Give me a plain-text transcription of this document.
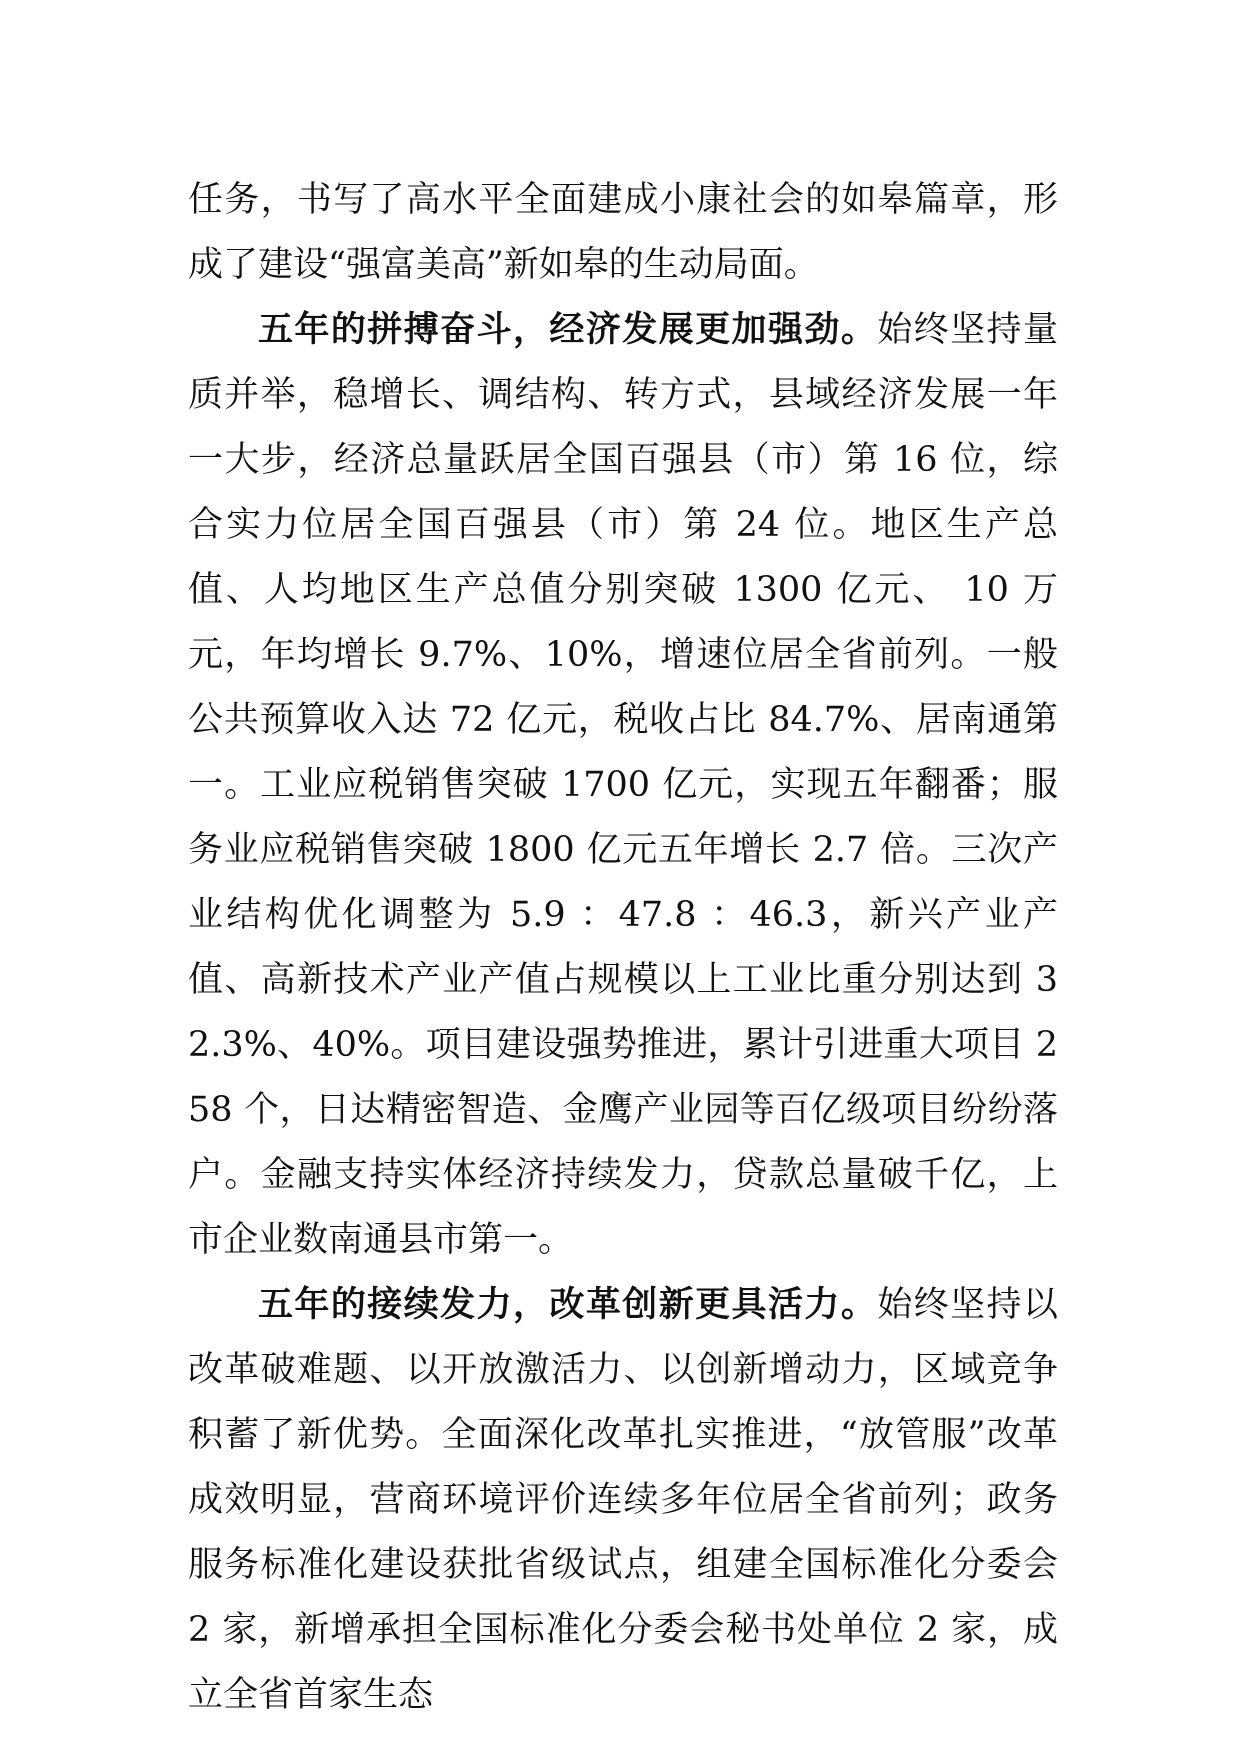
任务，书写了高水平全面建成小康社会的如皋篇章，形成了建设“强富美高”新如皋的生动局面。

五年的拼搏奋斗，经济发展更加强劲。始终坚持量质并举，稳增长、调结构、转方式，县域经济发展一年一大步，经济总量跃居全国百强县（市）第 16 位，综合实力位居全国百强县（市）第 24 位。地区生产总值、人均地区生产总值分别突破 1300 亿元、 10 万元，年均增长 9.7%、10%，增速位居全省前列。一般公共预算收入达 72 亿元，税收占比 84.7%、居南通第一。工业应税销售突破 1700 亿元，实现五年翻番；服务业应税销售突破 1800 亿元五年增长 2.7 倍。三次产业结构优化调整为 5.9 ：47.8 ：46.3，新兴产业产值、高新技术产业产值占规模以上工业比重分别达到 32.3%、40%。项目建设强势推进，累计引进重大项目 258 个，日达精密智造、金鹰产业园等百亿级项目纷纷落户。金融支持实体经济持续发力，贷款总量破千亿，上市企业数南通县市第一。

五年的接续发力，改革创新更具活力。始终坚持以改革破难题、以开放激活力、以创新增动力，区域竞争积蓄了新优势。全面深化改革扎实推进，“放管服”改革成效明显，营商环境评价连续多年位居全省前列；政务服务标准化建设获批省级试点，组建全国标准化分委会 2 家，新增承担全国标准化分委会秘书处单位 2 家，成立全省首家生态
